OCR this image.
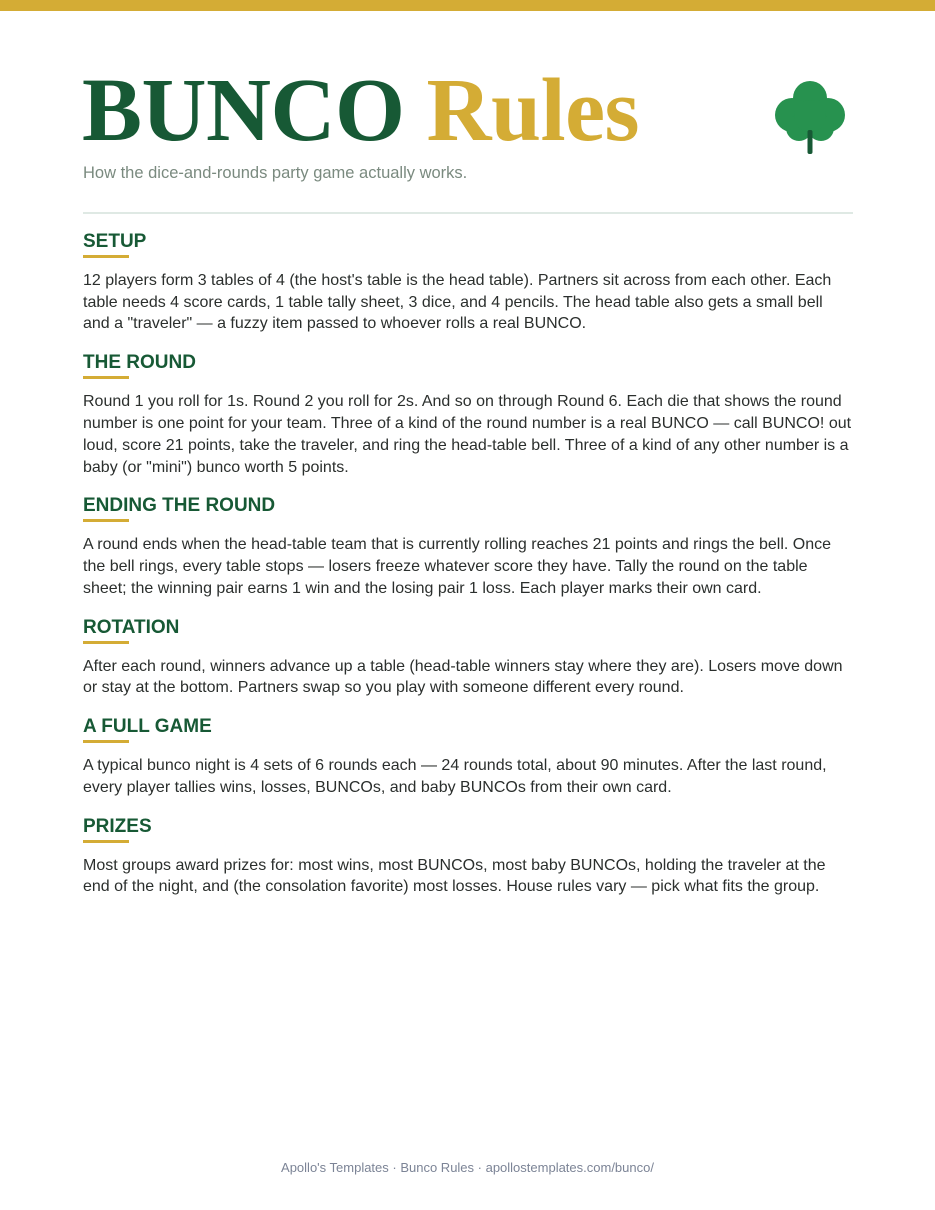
BUNCO Rules

How the dice-and-rounds party game actually works.

SETUP

12 players form 3 tables of 4 (the host's table is the head table). Partners sit across from each other. Each table needs 4 score cards, 1 table tally sheet, 3 dice, and 4 pencils. The head table also gets a small bell and a "traveler" — a fuzzy item passed to whoever rolls a real BUNCO.

THE ROUND

Round 1 you roll for 1s. Round 2 you roll for 2s. And so on through Round 6. Each die that shows the round number is one point for your team. Three of a kind of the round number is a real BUNCO — call BUNCO! out loud, score 21 points, take the traveler, and ring the head-table bell. Three of a kind of any other number is a baby (or "mini") bunco worth 5 points.

ENDING THE ROUND

A round ends when the head-table team that is currently rolling reaches 21 points and rings the bell. Once the bell rings, every table stops — losers freeze whatever score they have. Tally the round on the table sheet; the winning pair earns 1 win and the losing pair 1 loss. Each player marks their own card.

ROTATION

After each round, winners advance up a table (head-table winners stay where they are). Losers move down or stay at the bottom. Partners swap so you play with someone different every round.

A FULL GAME

A typical bunco night is 4 sets of 6 rounds each — 24 rounds total, about 90 minutes. After the last round, every player tallies wins, losses, BUNCOs, and baby BUNCOs from their own card.

PRIZES

Most groups award prizes for: most wins, most BUNCOs, most baby BUNCOs, holding the traveler at the end of the night, and (the consolation favorite) most losses. House rules vary — pick what fits the group.

Apollo's Templates · Bunco Rules · apollostemplates.com/bunco/
